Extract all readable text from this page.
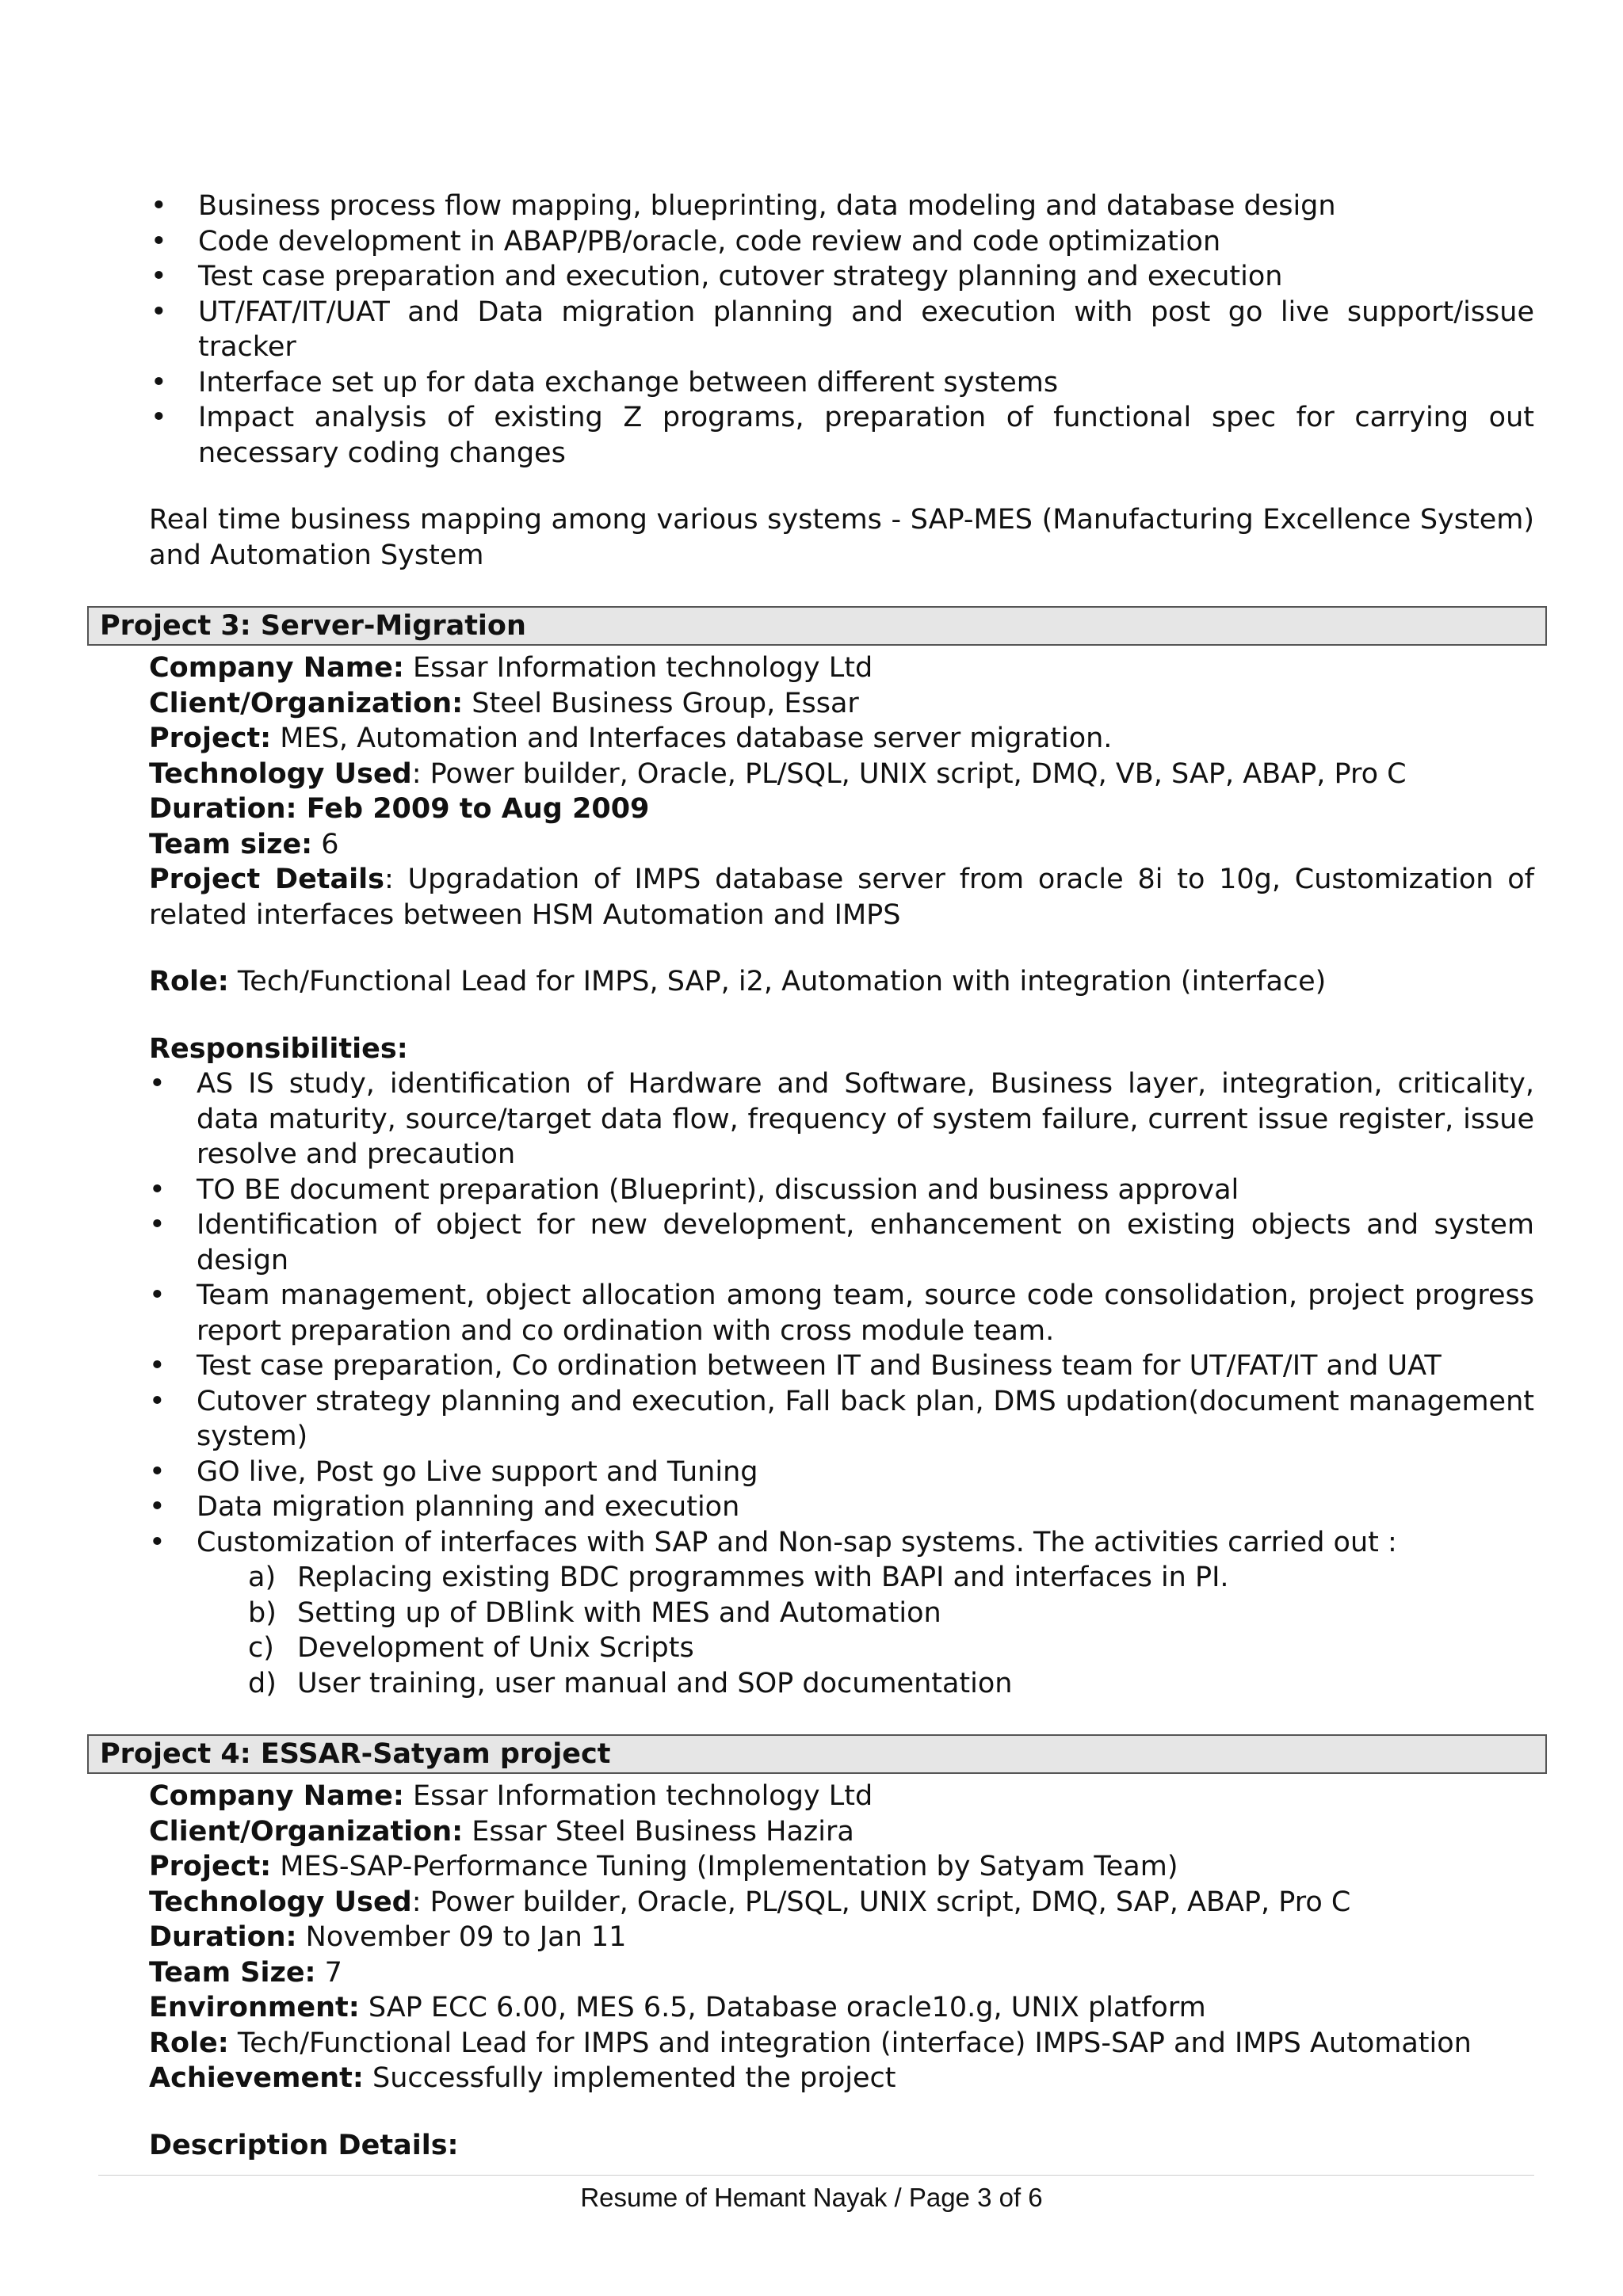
• Business process flow mapping, blueprinting, data modeling and database design
• Code development in ABAP/PB/oracle, code review and code optimization
• Test case preparation and execution, cutover strategy planning and execution
• UT/FAT/IT/UAT and Data migration planning and execution with post go live support/issue tracker
• Interface set up for data exchange between different systems
• Impact analysis of existing Z programs, preparation of functional spec for carrying out necessary coding changes

Real time business mapping among various systems - SAP-MES (Manufacturing Excellence System) and Automation System

Project 3: Server-Migration
Company Name: Essar Information technology Ltd
Client/Organization: Steel Business Group, Essar
Project: MES, Automation and Interfaces database server migration.
Technology Used: Power builder, Oracle, PL/SQL, UNIX script, DMQ, VB, SAP, ABAP, Pro C
Duration: Feb 2009 to Aug 2009
Team size: 6
Project Details: Upgradation of IMPS database server from oracle 8i to 10g, Customization of related interfaces between HSM Automation and IMPS
Role: Tech/Functional Lead for IMPS, SAP, i2, Automation with integration (interface)
Responsibilities:
• AS IS study, identification of Hardware and Software, Business layer, integration, criticality, data maturity, source/target data flow, frequency of system failure, current issue register, issue resolve and precaution
• TO BE document preparation (Blueprint), discussion and business approval
• Identification of object for new development, enhancement on existing objects and system design
• Team management, object allocation among team, source code consolidation, project progress report preparation and co ordination with cross module team.
• Test case preparation, Co ordination between IT and Business team for UT/FAT/IT and UAT
• Cutover strategy planning and execution, Fall back plan, DMS updation(document management system)
• GO live, Post go Live support and Tuning
• Data migration planning and execution
• Customization of interfaces with SAP and Non-sap systems. The activities carried out :
a) Replacing existing BDC programmes with BAPI and interfaces in PI.
b) Setting up of DBlink with MES and Automation
c) Development of Unix Scripts
d) User training, user manual and SOP documentation
Project 4: ESSAR-Satyam project
Company Name: Essar Information technology Ltd
Client/Organization: Essar Steel Business Hazira
Project: MES-SAP-Performance Tuning (Implementation by Satyam Team)
Technology Used: Power builder, Oracle, PL/SQL, UNIX script, DMQ, SAP, ABAP, Pro C
Duration: November 09 to Jan 11
Team Size: 7
Environment: SAP ECC 6.00, MES 6.5, Database oracle10.g, UNIX platform
Role: Tech/Functional Lead for IMPS and integration (interface) IMPS-SAP and IMPS Automation
Achievement: Successfully implemented the project
Description Details:
Resume of Hemant Nayak / Page 3 of 6
